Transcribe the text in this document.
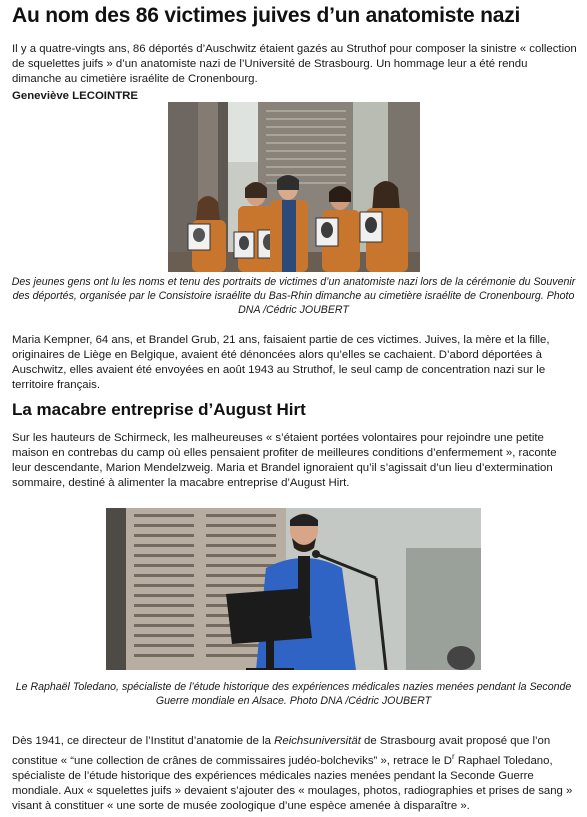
Au nom des 86 victimes juives d’un anatomiste nazi

Il y a quatre-vingts ans, 86 déportés d’Auschwitz étaient gazés au Struthof pour composer la sinistre « collection de squelettes juifs » d’un anatomiste nazi de l’Université de Strasbourg. Un hommage leur a été rendu dimanche au cimetière israélite de Cronenbourg.

Geneviève LECOINTRE

Des jeunes gens ont lu les noms et tenu des portraits de victimes d’un anatomiste nazi lors de la cérémonie du Souvenir des déportés, organisée par le Consistoire israélite du Bas-Rhin dimanche au cimetière israélite de Cronenbourg. Photo DNA /Cédric JOUBERT

Maria Kempner, 64 ans, et Brandel Grub, 21 ans, faisaient partie de ces victimes. Juives, la mère et la fille, originaires de Liège en Belgique, avaient été dénoncées alors qu’elles se cachaient. D’abord déportées à Auschwitz, elles avaient été envoyées en août 1943 au Struthof, le seul camp de concentration nazi sur le territoire français.

La macabre entreprise d’August Hirt

Sur les hauteurs de Schirmeck, les malheureuses « s’étaient portées volontaires pour rejoindre une petite maison en contrebas du camp où elles pensaient profiter de meilleures conditions d’enfermement », raconte leur descendante, Marion Mendelzweig. Maria et Brandel ignoraient qu’il s’agissait d’un lieu d’extermination sommaire, destiné à alimenter la macabre entreprise d’August Hirt.

Le Raphaël Toledano, spécialiste de l’étude historique des expériences médicales nazies menées pendant la Seconde Guerre mondiale en Alsace. Photo DNA /Cédric JOUBERT

Dès 1941, ce directeur de l’Institut d’anatomie de la Reichsuniversität de Strasbourg avait proposé que l’on constitue « “une collection de crânes de commissaires judéo-bolcheviks” », retrace le $D^r$ Raphael Toledano, spécialiste de l’étude historique des expériences médicales nazies menées pendant la Seconde Guerre mondiale. Aux « squelettes juifs » devaient s’ajouter des « moulages, photos, radiographies et prises de sang » visant à constituer « une sorte de musée zoologique d’une espèce amenée à disparaître ».
